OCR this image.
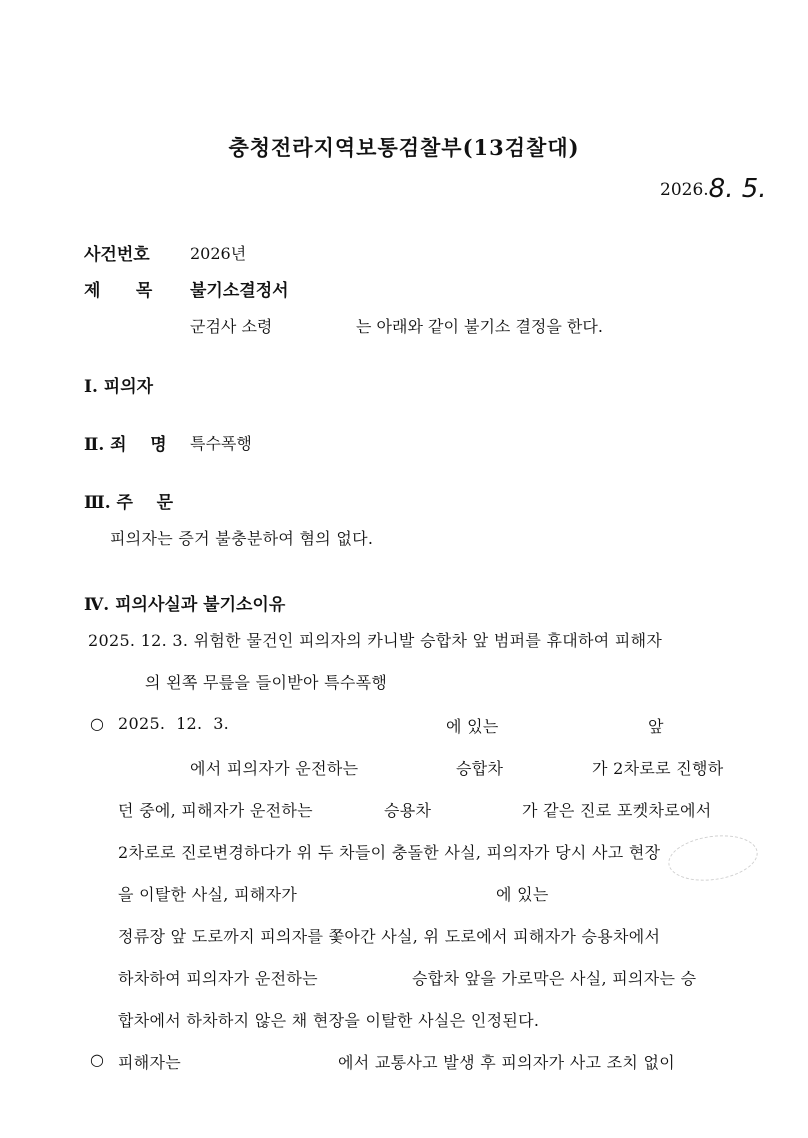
충청전라지역보통검찰부(13검찰대)
2026.8. 5.
사건번호	2026년
제      목 불기소결정서
군검사 소령	는 아래와 같이 불기소 결정을 한다.
Ⅰ. 피의자
Ⅱ. 죄    명 특수폭행
Ⅲ. 주    문
피의자는 증거 불충분하여 혐의 없다.
Ⅳ. 피의사실과 불기소이유
2025. 12. 3. 위험한 물건인 피의자의 카니발 승합차 앞 범퍼를 휴대하여 피해자
의 왼쪽 무릎을 들이받아 특수폭행
○ 2025.  12.  3.	에 있는	앞
에서 피의자가 운전하는	승합차	가 2차로로 진행하
던 중에, 피해자가 운전하는	승용차	가 같은 진로 포켓차로에서
2차로로 진로변경하다가 위 두 차들이 충돌한 사실, 피의자가 당시 사고 현장
을 이탈한 사실, 피해자가	에 있는
정류장 앞 도로까지 피의자를 쫓아간 사실, 위 도로에서 피해자가 승용차에서
하차하여 피의자가 운전하는	승합차 앞을 가로막은 사실, 피의자는 승
합차에서 하차하지 않은 채 현장을 이탈한 사실은 인정된다.
○ 피해자는	에서 교통사고 발생 후 피의자가 사고 조치 없이
